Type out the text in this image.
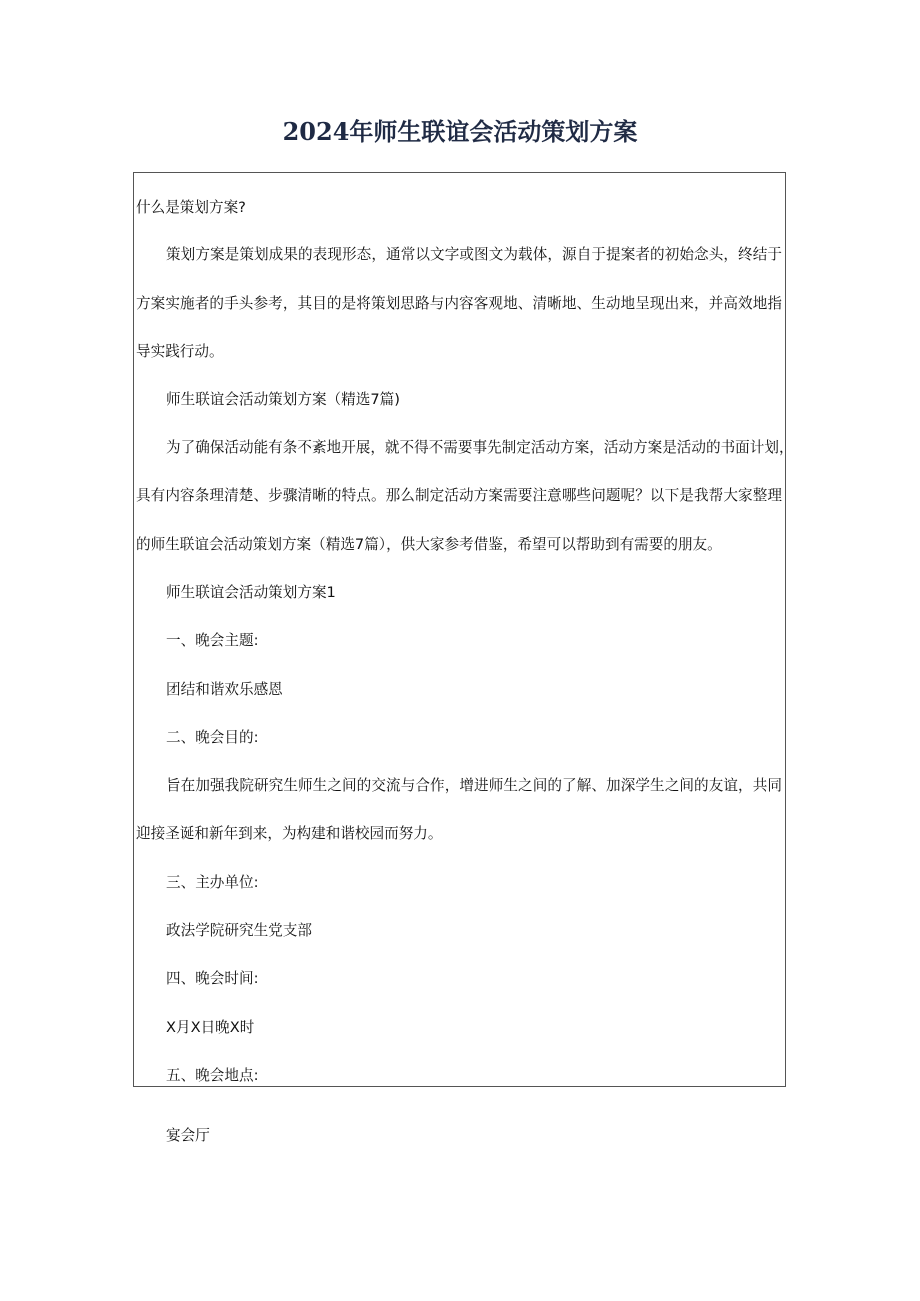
2024年师生联谊会活动策划方案
什么是策划方案?
策划方案是策划成果的表现形态，通常以文字或图文为载体，源自于提案者的初始念头，终结于
方案实施者的手头参考，其目的是将策划思路与内容客观地、清晰地、生动地呈现出来，并高效地指
导实践行动。
师生联谊会活动策划方案（精选7篇)
为了确保活动能有条不紊地开展，就不得不需要事先制定活动方案，活动方案是活动的书面计划，
具有内容条理清楚、步骤清晰的特点。那么制定活动方案需要注意哪些问题呢？以下是我帮大家整理
的师生联谊会活动策划方案（精选7篇），供大家参考借鉴，希望可以帮助到有需要的朋友。
师生联谊会活动策划方案1
一、晚会主题:
团结和谐欢乐感恩
二、晚会目的:
旨在加强我院研究生师生之间的交流与合作，增进师生之间的了解、加深学生之间的友谊，共同
迎接圣诞和新年到来，为构建和谐校园而努力。
三、主办单位:
政法学院研究生党支部
四、晚会时间:
X月X日晚X时
五、晚会地点:
宴会厅
